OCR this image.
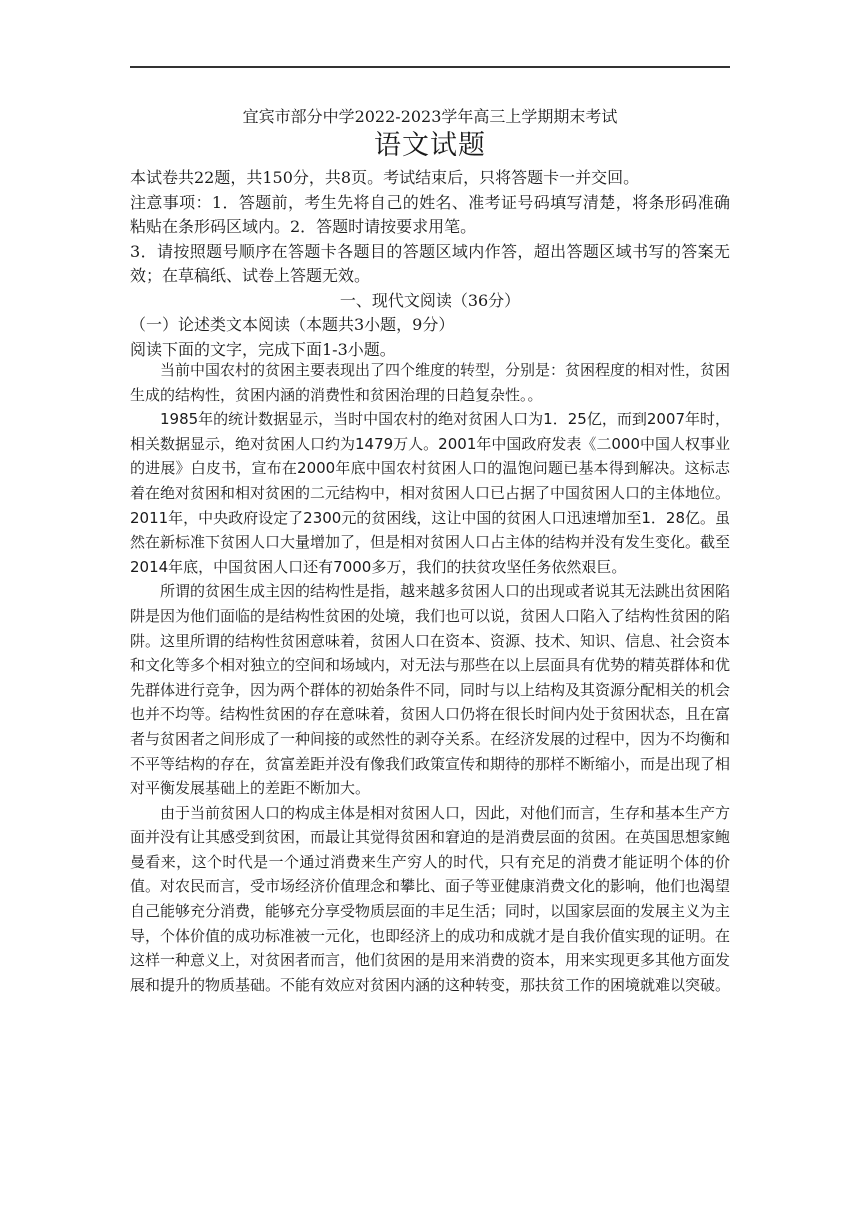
宜宾市部分中学2022-2023学年高三上学期期末考试
语文试题

本试卷共22题，共150分，共8页。考试结束后，只将答题卡一并交回。

注意事项：1．答题前，考生先将自己的姓名、准考证号码填写清楚，将条形码准确粘贴在条形码区域内。2．答题时请按要求用笔。

3．请按照题号顺序在答题卡各题目的答题区域内作答，超出答题区域书写的答案无效；在草稿纸、试卷上答题无效。

一、现代文阅读（36分）

（一）论述类文本阅读（本题共3小题，9分）

阅读下面的文字，完成下面1-3小题。

当前中国农村的贫困主要表现出了四个维度的转型，分别是：贫困程度的相对性，贫困生成的结构性，贫困内涵的消费性和贫困治理的日趋复杂性。。

1985年的统计数据显示，当时中国农村的绝对贫困人口为1．25亿，而到2007年时，相关数据显示，绝对贫困人口约为1479万人。2001年中国政府发表《二000中国人权事业的进展》白皮书，宣布在2000年底中国农村贫困人口的温饱问题已基本得到解决。这标志着在绝对贫困和相对贫困的二元结构中，相对贫困人口已占据了中国贫困人口的主体地位。2011年，中央政府设定了2300元的贫困线，这让中国的贫困人口迅速增加至1．28亿。虽然在新标准下贫困人口大量增加了，但是相对贫困人口占主体的结构并没有发生变化。截至2014年底，中国贫困人口还有7000多万，我们的扶贫攻坚任务依然艰巨。

所谓的贫困生成主因的结构性是指，越来越多贫困人口的出现或者说其无法跳出贫困陷阱是因为他们面临的是结构性贫困的处境，我们也可以说，贫困人口陷入了结构性贫困的陷阱。这里所谓的结构性贫困意味着，贫困人口在资本、资源、技术、知识、信息、社会资本和文化等多个相对独立的空间和场域内，对无法与那些在以上层面具有优势的精英群体和优先群体进行竞争，因为两个群体的初始条件不同，同时与以上结构及其资源分配相关的机会也并不均等。结构性贫困的存在意味着，贫困人口仍将在很长时间内处于贫困状态，且在富者与贫困者之间形成了一种间接的或然性的剥夺关系。在经济发展的过程中，因为不均衡和不平等结构的存在，贫富差距并没有像我们政策宣传和期待的那样不断缩小，而是出现了相对平衡发展基础上的差距不断加大。

由于当前贫困人口的构成主体是相对贫困人口，因此，对他们而言，生存和基本生产方面并没有让其感受到贫困，而最让其觉得贫困和窘迫的是消费层面的贫困。在英国思想家鲍曼看来，这个时代是一个通过消费来生产穷人的时代，只有充足的消费才能证明个体的价值。对农民而言，受市场经济价值理念和攀比、面子等亚健康消费文化的影响，他们也渴望自己能够充分消费，能够充分享受物质层面的丰足生活；同时，以国家层面的发展主义为主导，个体价值的成功标准被一元化，也即经济上的成功和成就才是自我价值实现的证明。在这样一种意义上，对贫困者而言，他们贫困的是用来消费的资本，用来实现更多其他方面发展和提升的物质基础。不能有效应对贫困内涵的这种转变，那扶贫工作的困境就难以突破。
